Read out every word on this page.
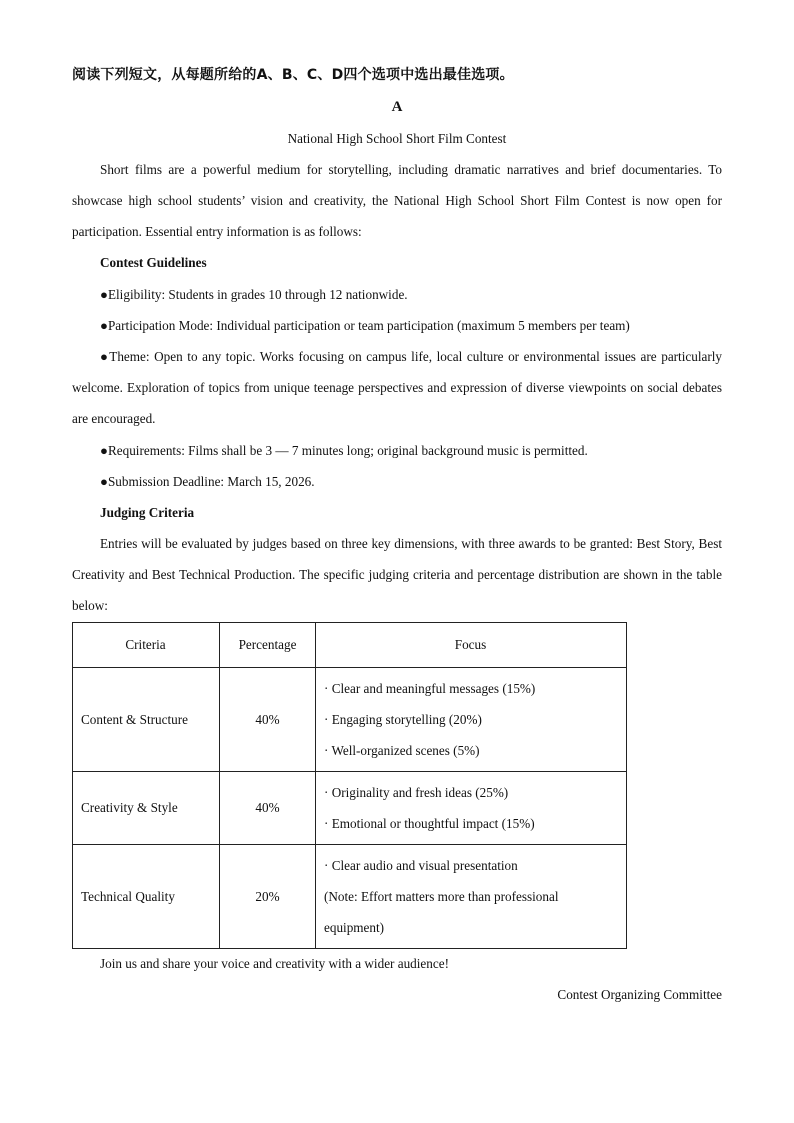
阅读下列短文，从每题所给的A、B、C、D四个选项中选出最佳选项。
A
National High School Short Film Contest

Short films are a powerful medium for storytelling, including dramatic narratives and brief documentaries. To showcase high school students’ vision and creativity, the National High School Short Film Contest is now open for participation. Essential entry information is as follows:

Contest Guidelines
●Eligibility: Students in grades 10 through 12 nationwide.
●Participation Mode: Individual participation or team participation (maximum 5 members per team)

●Theme: Open to any topic. Works focusing on campus life, local culture or environmental issues are particularly welcome. Exploration of topics from unique teenage perspectives and expression of diverse viewpoints on social debates are encouraged.

●Requirements: Films shall be 3 — 7 minutes long; original background music is permitted.
●Submission Deadline: March 15, 2026.
Judging Criteria

Entries will be evaluated by judges based on three key dimensions, with three awards to be granted: Best Story, Best Creativity and Best Technical Production. The specific judging criteria and percentage distribution are shown in the table below:

Criteria	Percentage	Focus
Content & Structure	40%	· Clear and meaningful messages (15%)
· Engaging storytelling (20%)
· Well-organized scenes (5%)

Creativity & Style	40%	· Originality and fresh ideas (25%)
· Emotional or thoughtful impact (15%)

Technical Quality	20%	· Clear audio and visual presentation
(Note: Effort matters more than professional
equipment)
Join us and share your voice and creativity with a wider audience!
Contest Organizing Committee
